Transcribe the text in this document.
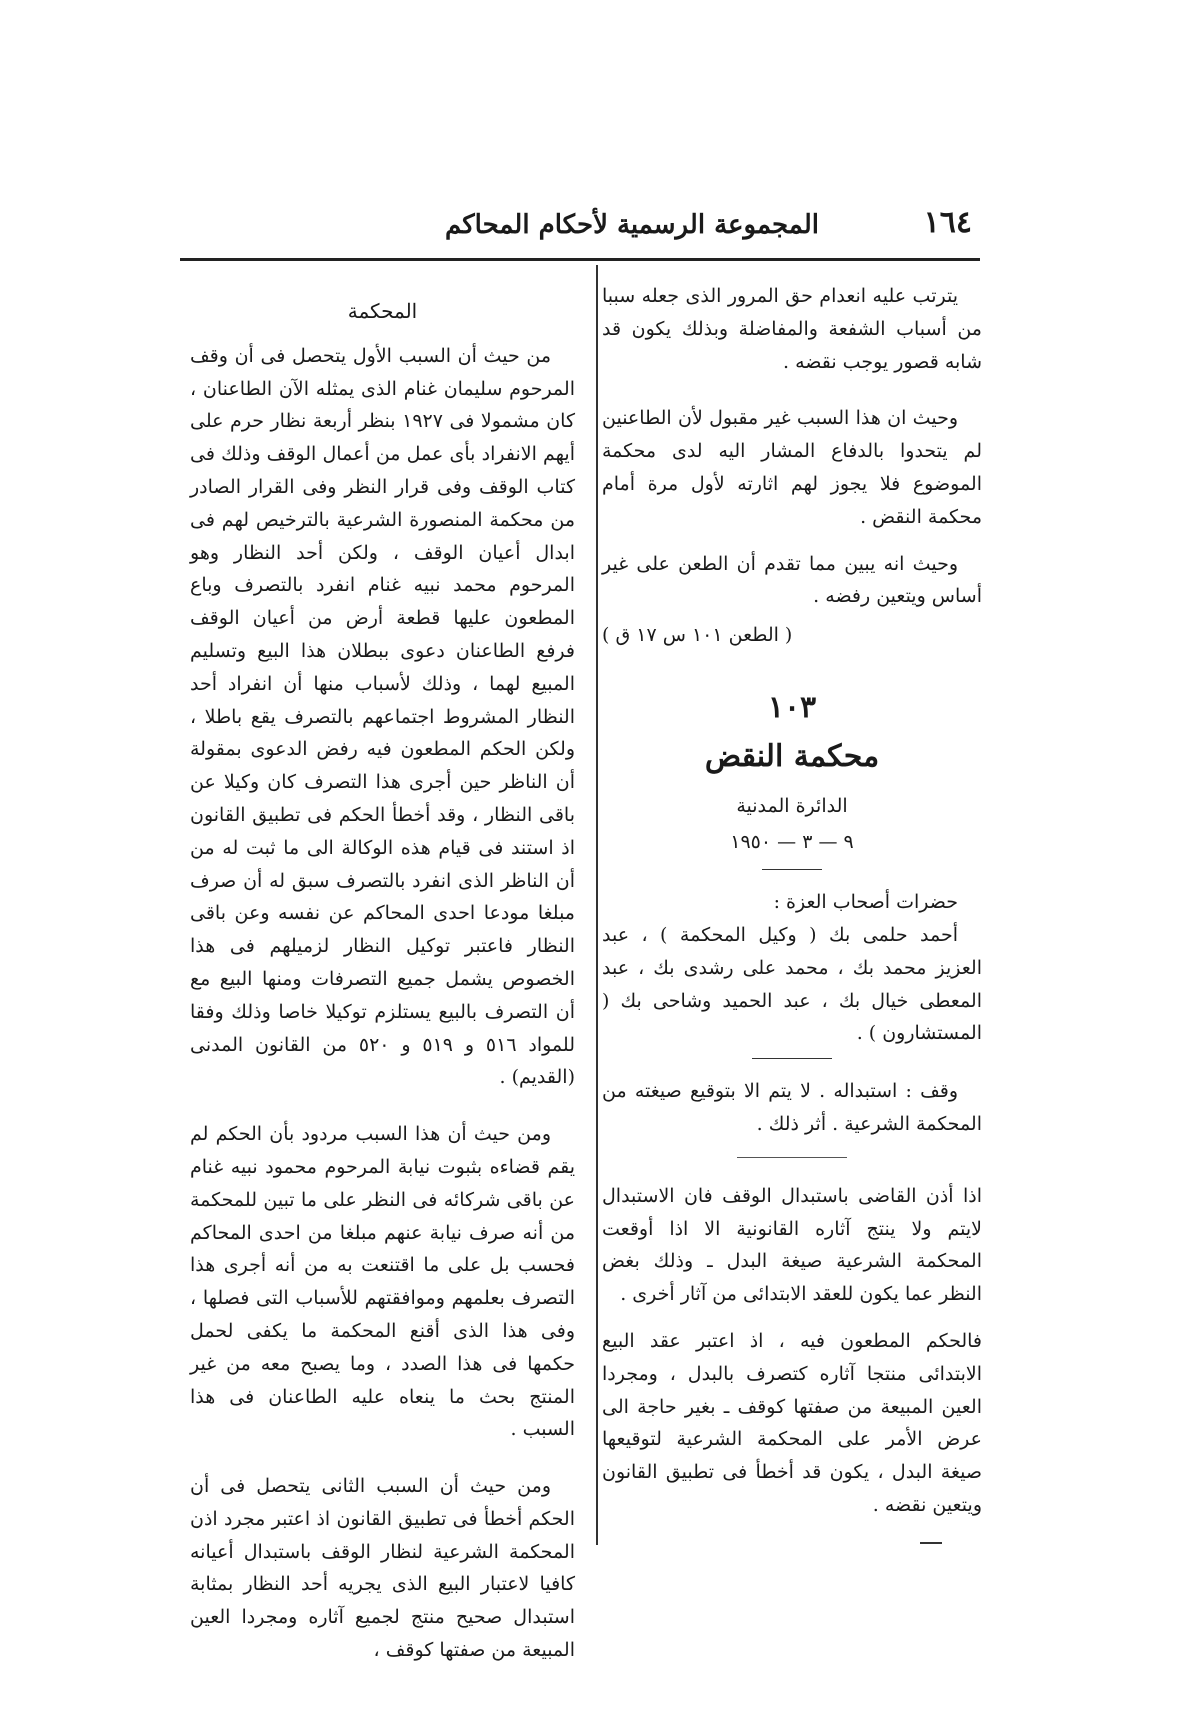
١٦٤
المجموعة الرسمية لأحكام المحاكم

يترتب عليه انعدام حق المرور الذى جعله سببا من أسباب الشفعة والمفاضلة وبذلك يكون قد شابه قصور يوجب نقضه .

وحيث ان هذا السبب غير مقبول لأن الطاعنين لم يتحدوا بالدفاع المشار اليه لدى محكمة الموضوع فلا يجوز لهم اثارته لأول مرة أمام محكمة النقض .

وحيث انه يبين مما تقدم أن الطعن على غير أساس ويتعين رفضه .

( الطعن ١٠١ س ١٧ ق )
١٠٣
محكمة النقض
الدائرة المدنية
٩ — ٣ — ١٩٥٠

حضرات أصحاب العزة :

أحمد حلمى بك ( وكيل المحكمة ) ، عبد العزيز محمد بك ، محمد على رشدى بك ، عبد المعطى خيال بك ، عبد الحميد وشاحى بك ( المستشارون ) .

وقف : استبداله . لا يتم الا بتوقيع صيغته من المحكمة الشرعية . أثر ذلك .

اذا أذن القاضى باستبدال الوقف فان الاستبدال لايتم ولا ينتج آثاره القانونية الا اذا أوقعت المحكمة الشرعية صيغة البدل ـ وذلك بغض النظر عما يكون للعقد الابتدائى من آثار أخرى .

فالحكم المطعون فيه ، اذ اعتبر عقد البيع الابتدائى منتجا آثاره كتصرف بالبدل ، ومجردا العين المبيعة من صفتها كوقف ـ بغير حاجة الى عرض الأمر على المحكمة الشرعية لتوقيعها صيغة البدل ، يكون قد أخطأ فى تطبيق القانون ويتعين نقضه .

المحكمة

من حيث أن السبب الأول يتحصل فى أن وقف المرحوم سليمان غنام الذى يمثله الآن الطاعنان ، كان مشمولا فى ١٩٢٧ بنظر أربعة نظار حرم على أيهم الانفراد بأى عمل من أعمال الوقف وذلك فى كتاب الوقف وفى قرار النظر وفى القرار الصادر من محكمة المنصورة الشرعية بالترخيص لهم فى ابدال أعيان الوقف ، ولكن أحد النظار وهو المرحوم محمد نبيه غنام انفرد بالتصرف وباع المطعون عليها قطعة أرض من أعيان الوقف فرفع الطاعنان دعوى ببطلان هذا البيع وتسليم المبيع لهما ، وذلك لأسباب منها أن انفراد أحد النظار المشروط اجتماعهم بالتصرف يقع باطلا ، ولكن الحكم المطعون فيه رفض الدعوى بمقولة أن الناظر حين أجرى هذا التصرف كان وكيلا عن باقى النظار ، وقد أخطأ الحكم فى تطبيق القانون اذ استند فى قيام هذه الوكالة الى ما ثبت له من أن الناظر الذى انفرد بالتصرف سبق له أن صرف مبلغا مودعا احدى المحاكم عن نفسه وعن باقى النظار فاعتبر توكيل النظار لزميلهم فى هذا الخصوص يشمل جميع التصرفات ومنها البيع مع أن التصرف بالبيع يستلزم توكيلا خاصا وذلك وفقا للمواد ٥١٦ و ٥١٩ و ٥٢٠ من القانون المدنى (القديم) .

ومن حيث أن هذا السبب مردود بأن الحكم لم يقم قضاءه بثبوت نيابة المرحوم محمود نبيه غنام عن باقى شركائه فى النظر على ما تبين للمحكمة من أنه صرف نيابة عنهم مبلغا من احدى المحاكم فحسب بل على ما اقتنعت به من أنه أجرى هذا التصرف بعلمهم وموافقتهم للأسباب التى فصلها ، وفى هذا الذى أقنع المحكمة ما يكفى لحمل حكمها فى هذا الصدد ، وما يصبح معه من غير المنتج بحث ما ينعاه عليه الطاعنان فى هذا السبب .

ومن حيث أن السبب الثانى يتحصل فى أن الحكم أخطأ فى تطبيق القانون اذ اعتبر مجرد اذن المحكمة الشرعية لنظار الوقف باستبدال أعيانه كافيا لاعتبار البيع الذى يجريه أحد النظار بمثابة استبدال صحيح منتج لجميع آثاره ومجردا العين المبيعة من صفتها كوقف ،
